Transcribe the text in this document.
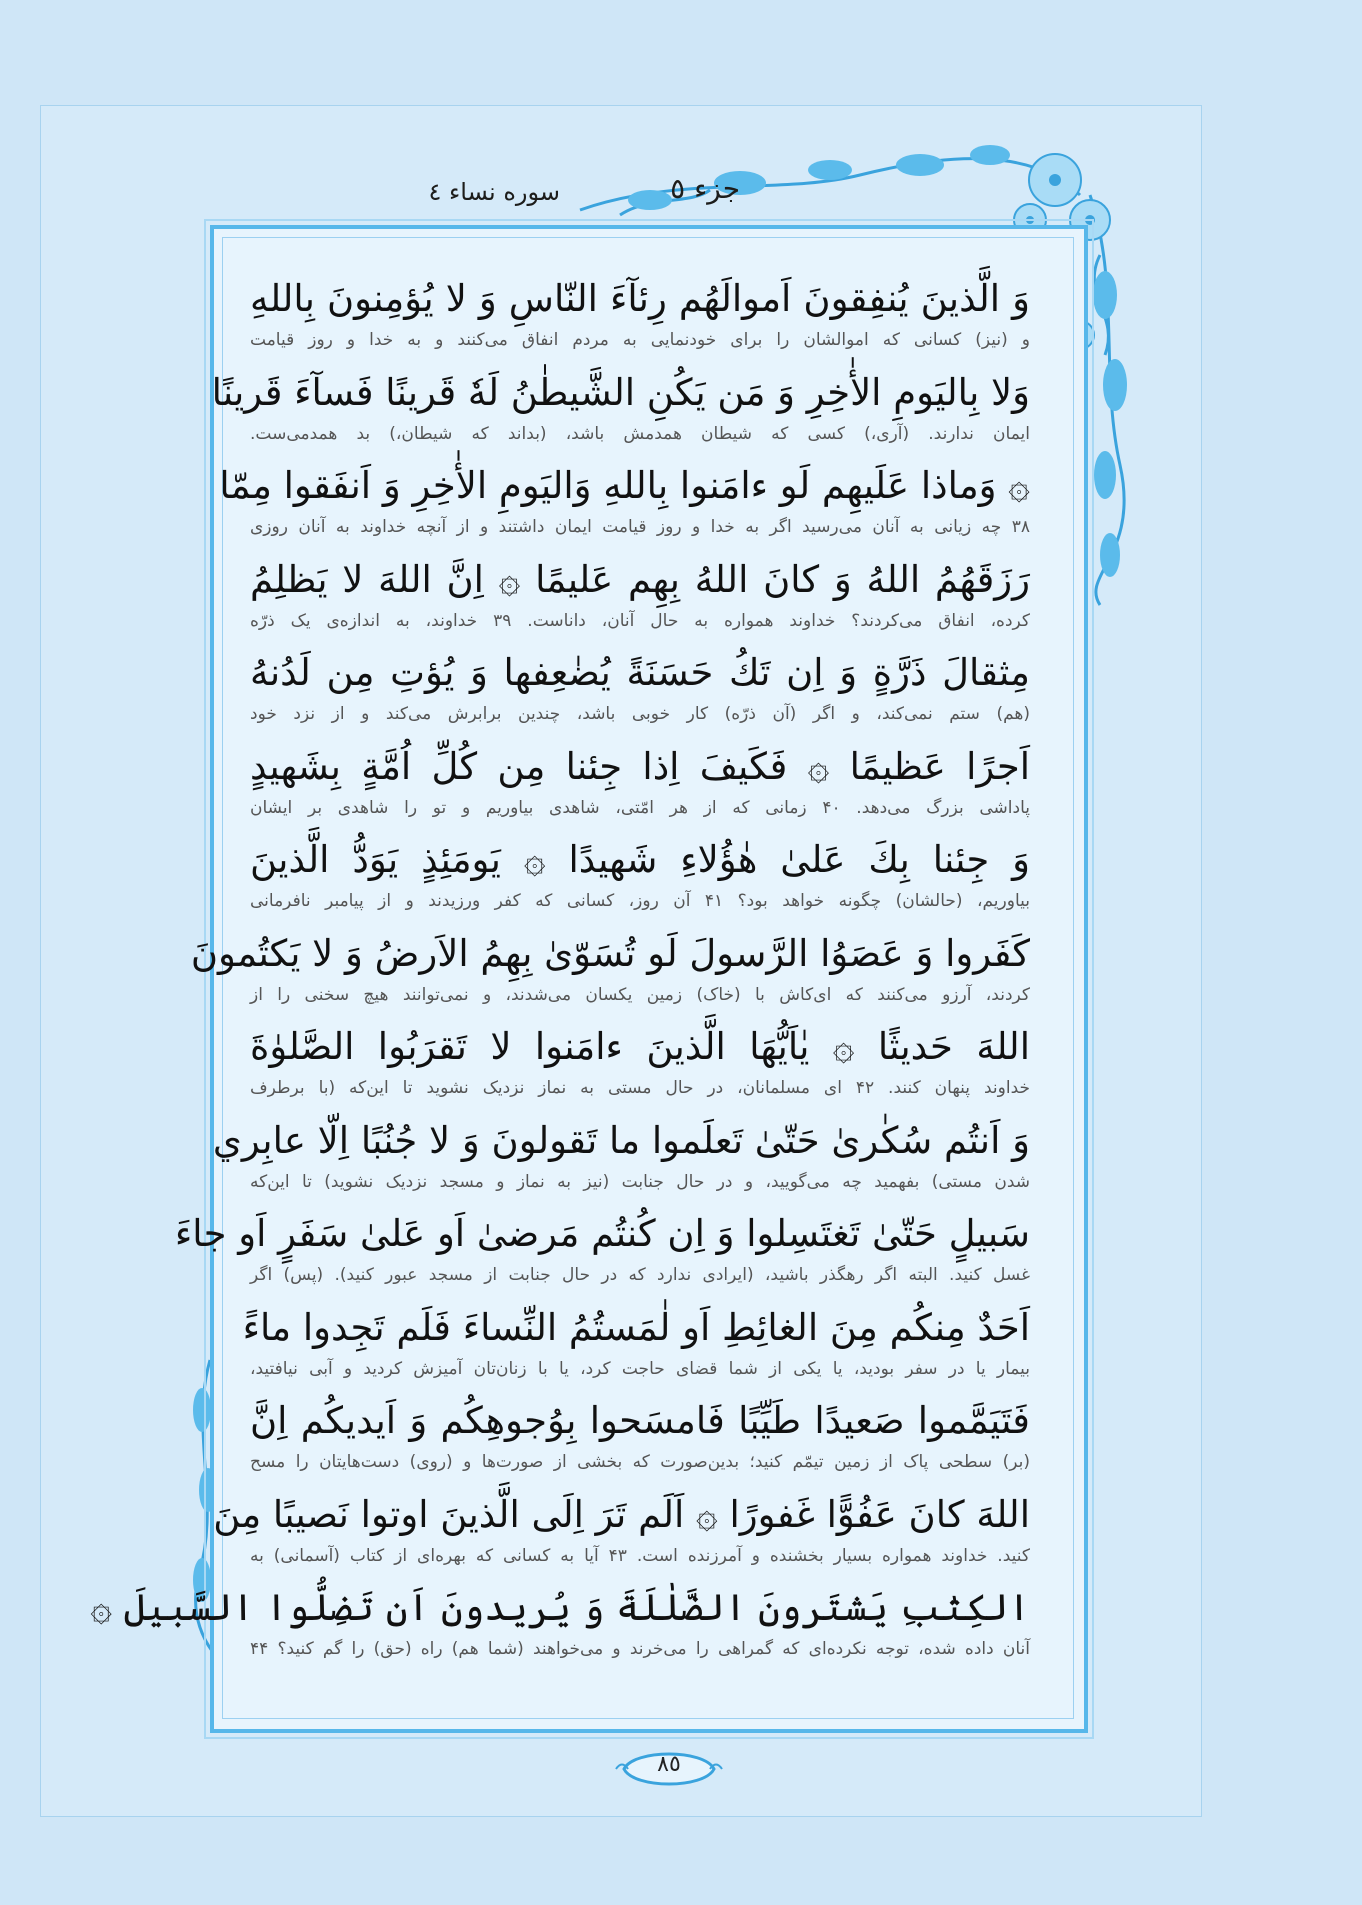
جزء ٥
سوره نساء ٤
وَ الَّذينَ يُنفِقونَ اَموالَهُم رِئآءَ النّاسِ وَ لا يُؤمِنونَ بِاللهِ
و (نیز) کسانی که اموالشان را برای خودنمایی به مردم انفاق می‌کنند و به خدا و روز قیامت
وَلا بِاليَومِ الأٰخِرِ وَ مَن يَكُنِ الشَّيطٰنُ لَهٗ قَرينًا فَسآءَ قَرينًا
ایمان ندارند. (آری،) کسی که شیطان همدمش باشد، (بداند که شیطان،) بد همدمی‌ست.
۞ وَماذا عَلَيهِم لَو ءامَنوا بِاللهِ وَاليَومِ الأٰخِرِ وَ اَنفَقوا مِمّا
۳۸ چه زیانی به آنان می‌رسید اگر به خدا و روز قیامت ایمان داشتند و از آنچه خداوند به آنان روزی
رَزَقَهُمُ اللهُ وَ كانَ اللهُ بِهِم عَليمًا ۞ اِنَّ اللهَ لا يَظلِمُ
کرده، انفاق می‌کردند؟ خداوند همواره به حال آنان، داناست. ۳۹ خداوند، به اندازه‌ی یک ذرّه
مِثقالَ ذَرَّةٍ وَ اِن تَكُ حَسَنَةً يُضٰعِفها وَ يُؤتِ مِن لَدُنهُ
(هم) ستم نمی‌کند، و اگر (آن ذرّه) کار خوبی باشد، چندین برابرش می‌کند و از نزد خود
اَجرًا عَظيمًا ۞ فَكَيفَ اِذا جِئنا مِن كُلِّ اُمَّةٍ بِشَهيدٍ
پاداشی بزرگ می‌دهد. ۴۰ زمانی که از هر امّتی، شاهدی بیاوریم و تو را شاهدی بر ایشان
وَ جِئنا بِكَ عَلىٰ هٰؤُلاءِ شَهيدًا ۞ يَومَئِذٍ يَوَدُّ الَّذينَ
بیاوریم، (حالشان) چگونه خواهد بود؟ ۴۱ آن روز، کسانی که کفر ورزیدند و از پیامبر نافرمانی
كَفَروا وَ عَصَوُا الرَّسولَ لَو تُسَوّىٰ بِهِمُ الاَرضُ وَ لا يَكتُمونَ
کردند، آرزو می‌کنند که ای‌کاش با (خاک) زمین یکسان می‌شدند، و نمی‌توانند هیچ سخنی را از
اللهَ حَديثًا ۞ يٰاَيُّهَا الَّذينَ ءامَنوا لا تَقرَبُوا الصَّلوٰةَ
خداوند پنهان کنند. ۴۲ ای مسلمانان، در حال مستی به نماز نزدیک نشوید تا این‌که (با برطرف
وَ اَنتُم سُكٰرىٰ حَتّىٰ تَعلَموا ما تَقولونَ وَ لا جُنُبًا اِلّا عابِري
شدن مستی) بفهمید چه می‌گویید، و در حال جنابت (نیز به نماز و مسجد نزدیک نشوید) تا این‌که
سَبيلٍ حَتّىٰ تَغتَسِلوا وَ اِن كُنتُم مَرضىٰ اَو عَلىٰ سَفَرٍ اَو جاءَ
غسل کنید. البته اگر رهگذر باشید، (ایرادی ندارد که در حال جنابت از مسجد عبور کنید). (پس) اگر
اَحَدٌ مِنكُم مِنَ الغائِطِ اَو لٰمَستُمُ النِّساءَ فَلَم تَجِدوا ماءً
بیمار یا در سفر بودید، یا یکی از شما قضای حاجت کرد، یا با زنان‌تان آمیزش کردید و آبی نیافتید،
فَتَيَمَّموا صَعيدًا طَيِّبًا فَامسَحوا بِوُجوهِكُم وَ اَيديكُم اِنَّ
(بر) سطحی پاک از زمین تیمّم کنید؛ بدین‌صورت که بخشی از صورت‌ها و (روی) دست‌هایتان را مسح
اللهَ كانَ عَفُوًّا غَفورًا ۞ اَلَم تَرَ اِلَى الَّذينَ اوتوا نَصيبًا مِنَ
کنید. خداوند همواره بسیار بخشنده و آمرزنده است. ۴۳ آیا به کسانی که بهره‌ای از کتاب (آسمانی) به
الكِتٰبِ يَشتَرونَ الضَّلٰلَةَ وَ يُريدونَ اَن تَضِلُّوا السَّبيلَ ۞
آنان داده شده، توجه نکرده‌ای که گمراهی را می‌خرند و می‌خواهند (شما هم) راه (حق) را گم کنید؟ ۴۴
٨٥
